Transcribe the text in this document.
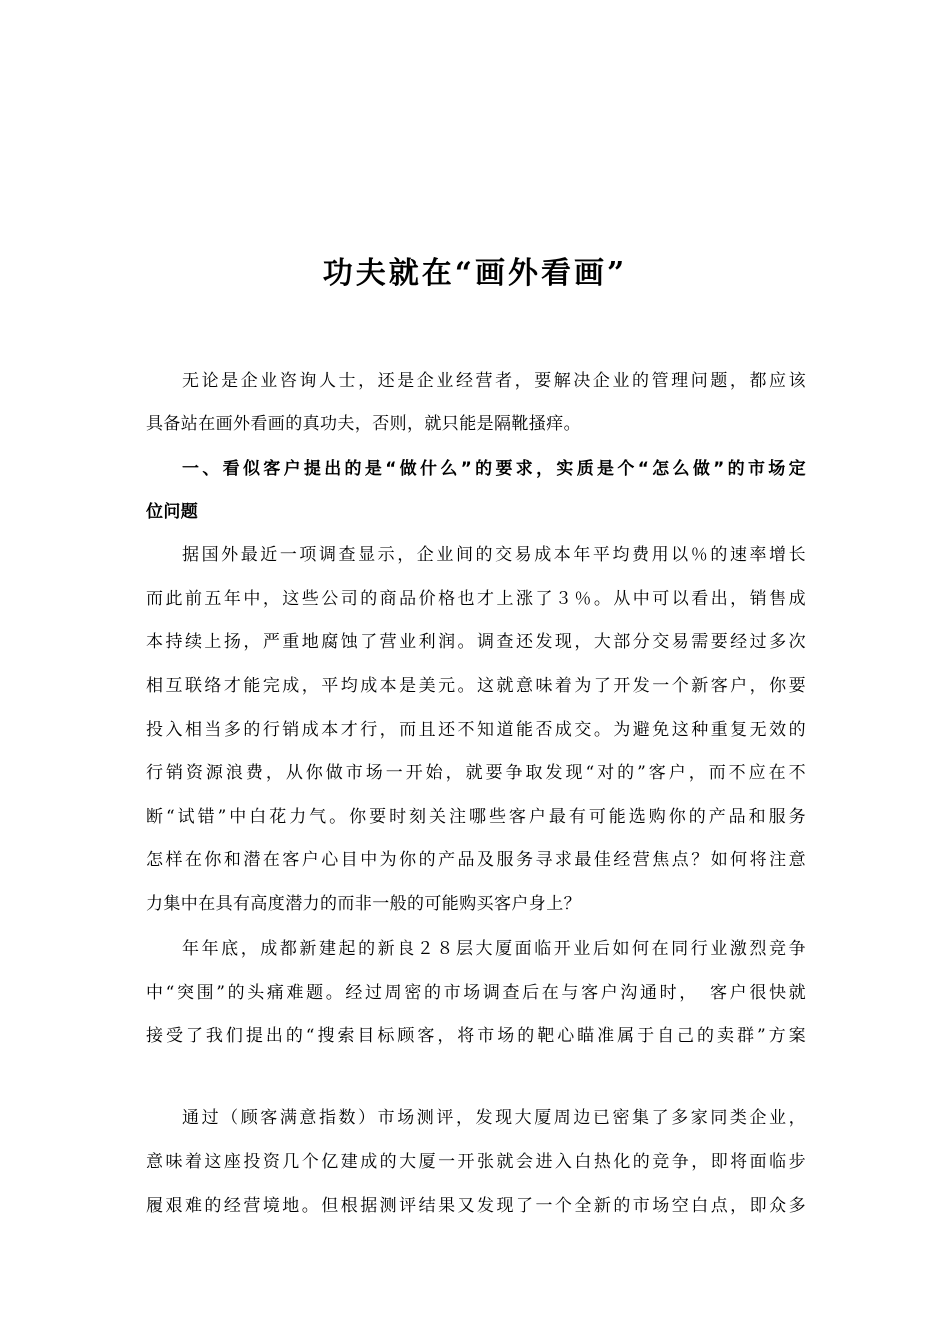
功夫就在“画外看画”
无论是企业咨询人士，还是企业经营者，要解决企业的管理问题，都应该
具备站在画外看画的真功夫，否则，就只能是隔靴搔痒。
一、看似客户提出的是“做什么”的要求，实质是个“怎么做”的市场定
位问题
据国外最近一项调查显示，企业间的交易成本年平均费用以％的速率增长
而此前五年中，这些公司的商品价格也才上涨了３％。从中可以看出，销售成
本持续上扬，严重地腐蚀了营业利润。调查还发现，大部分交易需要经过多次
相互联络才能完成，平均成本是美元。这就意味着为了开发一个新客户，你要
投入相当多的行销成本才行，而且还不知道能否成交。为避免这种重复无效的
行销资源浪费，从你做市场一开始，就要争取发现“对的”客户，而不应在不
断“试错”中白花力气。你要时刻关注哪些客户最有可能选购你的产品和服务
怎样在你和潜在客户心目中为你的产品及服务寻求最佳经营焦点？如何将注意
力集中在具有高度潜力的而非一般的可能购买客户身上？
年年底，成都新建起的新良２８层大厦面临开业后如何在同行业激烈竞争
中“突围”的头痛难题。经过周密的市场调查后在与客户沟通时，　客户很快就
接受了我们提出的“搜索目标顾客，将市场的靶心瞄准属于自己的卖群”方案
通过（顾客满意指数）市场测评，发现大厦周边已密集了多家同类企业，
意味着这座投资几个亿建成的大厦一开张就会进入白热化的竞争，即将面临步
履艰难的经营境地。但根据测评结果又发现了一个全新的市场空白点，即众多
